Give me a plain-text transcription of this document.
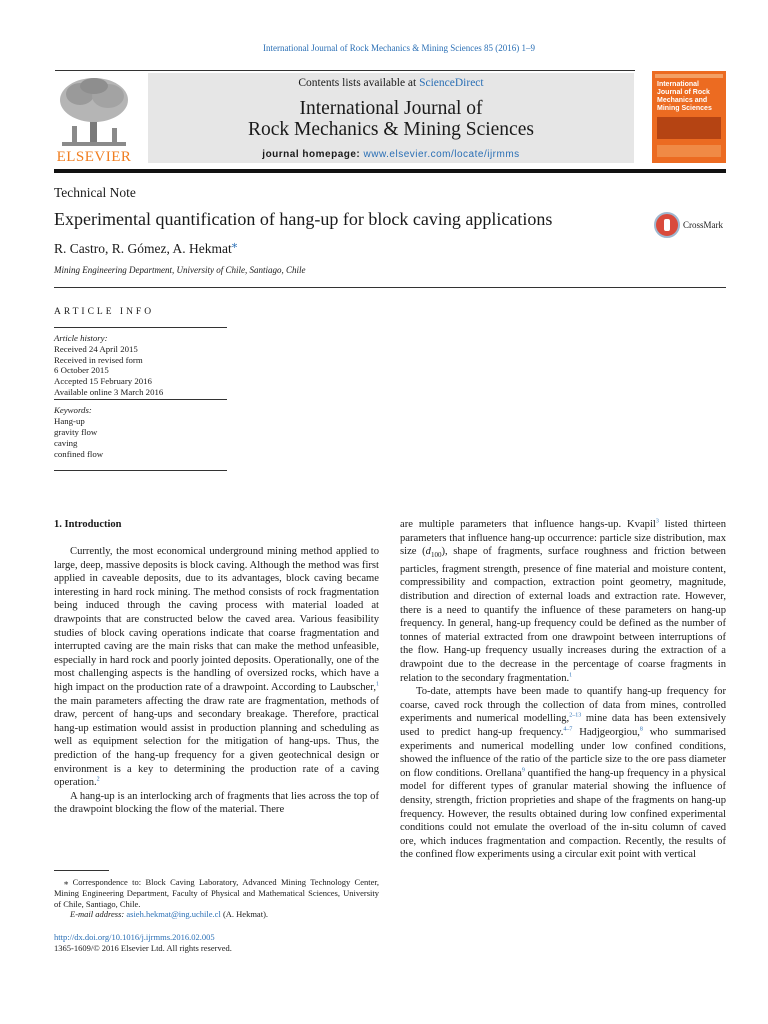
International Journal of Rock Mechanics & Mining Sciences 85 (2016) 1–9
ELSEVIER
Contents lists available at ScienceDirect
International Journal of
Rock Mechanics & Mining Sciences
journal homepage: www.elsevier.com/locate/ijrmms
International Journal of Rock Mechanics and Mining Sciences
Technical Note
Experimental quantification of hang-up for block caving applications	CrossMark
R. Castro, R. Gómez, A. Hekmat⁎
Mining Engineering Department, University of Chile, Santiago, Chile
ARTICLE INFO
Article history:
Received 24 April 2015
Received in revised form
6 October 2015
Accepted 15 February 2016
Available online 3 March 2016
Keywords:
Hang-up
gravity flow
caving
confined flow
1. Introduction

Currently, the most economical underground mining method applied to large, deep, massive deposits is block caving. Although the method was first applied in caveable deposits, due to its advantages, block caving became interesting in hard rock mining. The method consists of rock fragmentation being induced through the caving process with material loaded at drawpoints that are constructed below the caved area. Various feasibility studies of block caving operations indicate that coarse fragmentation and interrupted caving are the main risks that can make the method unfeasible, especially in hard rock and poorly jointed deposits. Operationally, one of the most challenging aspects is the handling of oversized rocks, which have a high impact on the production rate of a drawpoint. According to Laubscher,$^1$ the main parameters affecting the draw rate are fragmentation, methods of draw, percent of hang-ups and secondary breakage. Therefore, practical hang-up estimation would assist in production planning and scheduling as well as equipment selection for the mitigation of hang-ups. Thus, the prediction of the hang-up frequency for a given geotechnical design or environment is a key to determining the production rate of a caving operation.$^2$

A hang-up is an interlocking arch of fragments that lies across the top of the drawpoint blocking the flow of the material. There

are multiple parameters that influence hangs-up. Kvapil$^3$ listed thirteen parameters that influence hang-up occurrence: particle size distribution, max size $(d_{100})$, shape of fragments, surface roughness and friction between particles, fragment strength, presence of fine material and moisture content, compressibility and compaction, extraction point geometry, magnitude, distribution and direction of external loads and extraction rate. However, there is a need to quantify the influence of these parameters on hang-up frequency. In general, hang-up frequency could be defined as the number of tonnes of material extracted from one drawpoint between interruptions of the flow. Hang-up frequency usually increases during the extraction of a drawpoint due to the decrease in the percentage of coarse fragments in relation to the secondary fragmentation.$^1$

To-date, attempts have been made to quantify hang-up frequency for coarse, caved rock through the collection of data from mines, controlled experiments and numerical modelling,$^{2-13}$ mine data has been extensively used to predict hang-up frequency.$^{4-7}$ Hadjgeorgiou,$^8$ who summarised experiments and numerical modelling under low confined conditions, showed the influence of the ratio of the particle size to the ore pass diameter on flow conditions. Orellana$^9$ quantified the hang-up frequency in a physical model for different types of granular material showing the influence of density, strength, friction proprieties and shape of the fragments on hang-up frequency. However, the results obtained during low confined experimental conditions could not emulate the overload of the in-situ column of caved ore, which induces fragmentation and compaction. Recently, the results of the confined flow experiments using a circular exit point with vertical

⁎ Correspondence to: Block Caving Laboratory, Advanced Mining Technology Center, Mining Engineering Department, Faculty of Physical and Mathematical Sciences, University of Chile, Santiago, Chile.
E-mail address: asieh.hekmat@ing.uchile.cl (A. Hekmat).
http://dx.doi.org/10.1016/j.ijrmms.2016.02.005
1365-1609/© 2016 Elsevier Ltd. All rights reserved.
